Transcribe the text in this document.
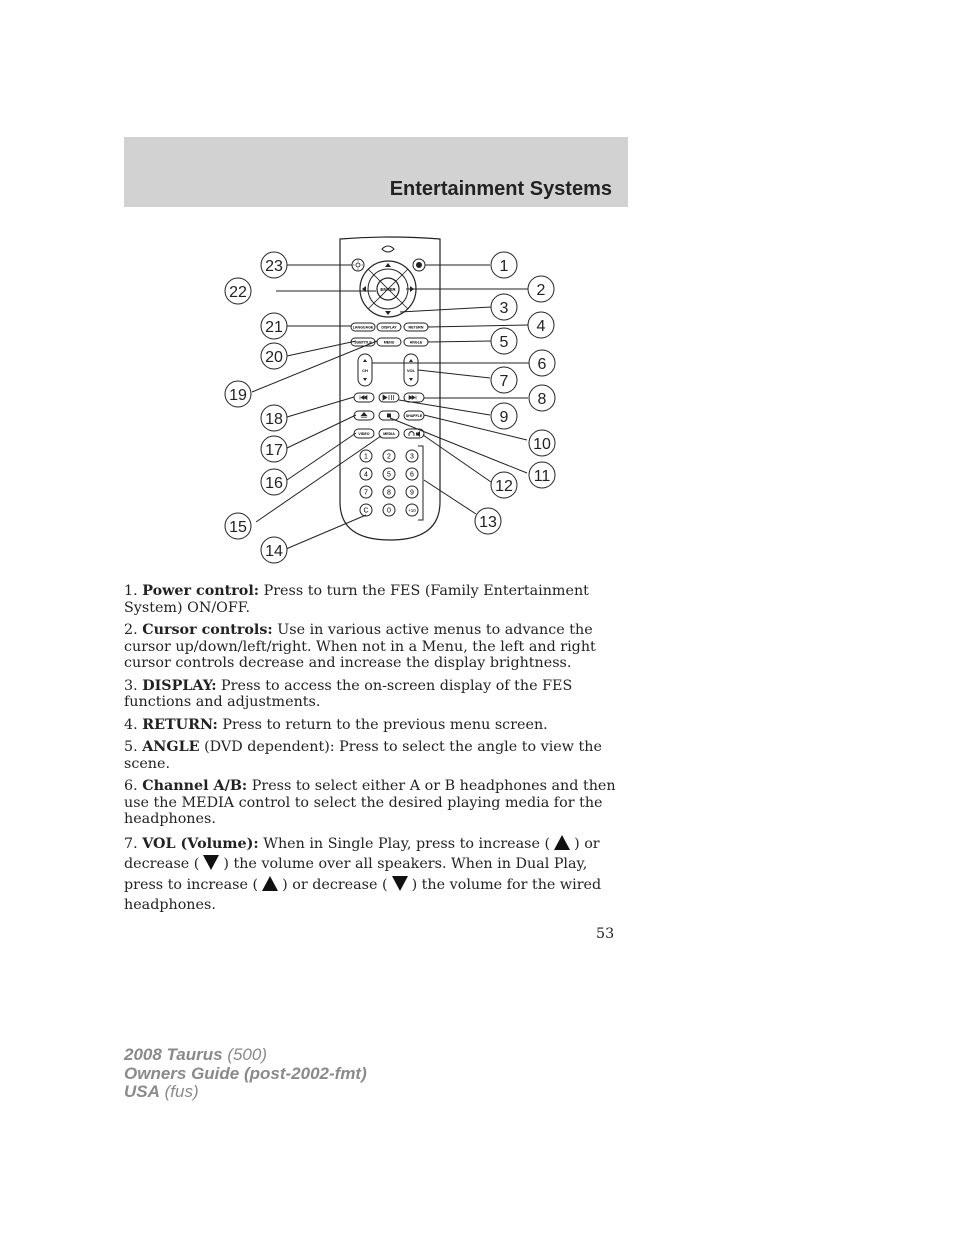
Entertainment Systems
ENTER
LANGUAGE DISPLAY	RETURN
SUBTITLE	MENU	ANGLE
CH	VOL
SHUFFLE
VIDEO	MEDIA
1	2	3
4	5	6
7	8	9
C	0	+10
23
22
21
20
19
18
17
16
15
14
1
2
3
4
5
6
7
8
9
10
11
12
13

1. Power control: Press to turn the FES (Family Entertainment System) ON/OFF.

2. Cursor controls: Use in various active menus to advance the cursor up/down/left/right. When not in a Menu, the left and right cursor controls decrease and increase the display brightness.

3. DISPLAY: Press to access the on-screen display of the FES functions and adjustments.

4. RETURN: Press to return to the previous menu screen.

5. ANGLE (DVD dependent): Press to select the angle to view the scene.

6. Channel A/B: Press to select either A or B headphones and then use the MEDIA control to select the desired playing media for the headphones.

7. VOL (Volume): When in Single Play, press to increase ( ) or decrease ( ) the volume over all speakers. When in Dual Play, press to increase ( ) or decrease ( ) the volume for the wired headphones.

53

2008 Taurus (500)
Owners Guide (post-2002-fmt)
USA (fus)
